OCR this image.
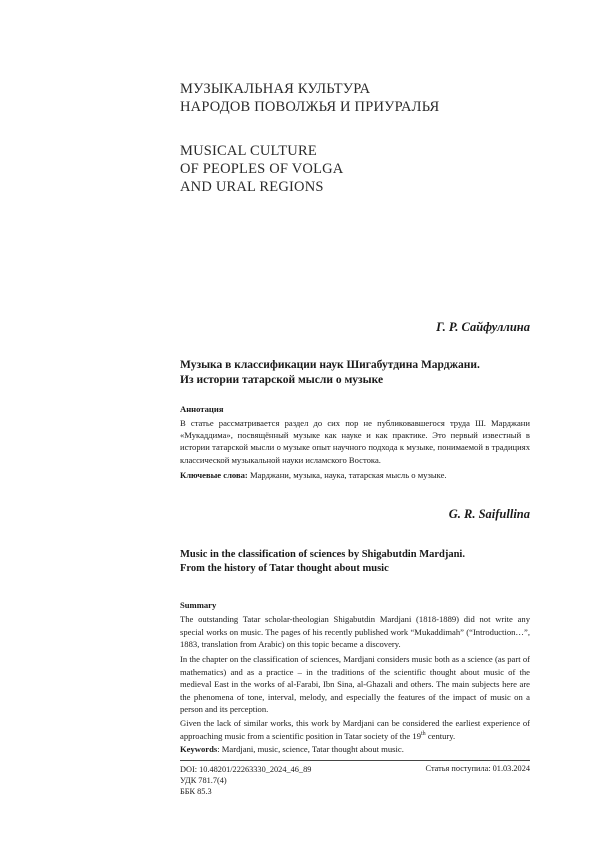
МУЗЫКАЛЬНАЯ КУЛЬТУРА
НАРОДОВ ПОВОЛЖЬЯ И ПРИУРАЛЬЯ
MUSICAL CULTURE
OF PEOPLES OF VOLGA
AND URAL REGIONS
Г. Р. Сайфуллина
Музыка в классификации наук Шигабутдина Марджани.
Из истории татарской мысли о музыке
Аннотация
В статье рассматривается раздел до сих пор не публиковавшегося труда Ш. Марджани «Мукаддима», посвящённый музыке как науке и как практике. Это первый известный в истории татарской мысли о музыке опыт научного подхода к музыке, понимаемой в традициях классической музыкальной науки исламского Востока.
Ключевые слова: Марджани, музыка, наука, татарская мысль о музыке.
G. R. Saifullina
Music in the classification of sciences by Shigabutdin Mardjani.
From the history of Tatar thought about music
Summary
The outstanding Tatar scholar-theologian Shigabutdin Mardjani (1818-1889) did not write any special works on music. The pages of his recently published work “Mukaddimah” (“Introduction…”, 1883, translation from Arabic) on this topic became a discovery.
In the chapter on the classification of sciences, Mardjani considers music both as a science (as part of mathematics) and as a practice – in the traditions of the scientific thought about music of the medieval East in the works of al-Farabi, Ibn Sina, al-Ghazali and others. The main subjects here are the phenomena of tone, interval, melody, and especially the features of the impact of music on a person and its perception.
Given the lack of similar works, this work by Mardjani can be considered the earliest experience of approaching music from a scientific position in Tatar society of the 19th century.
Keywords: Mardjani, music, science, Tatar thought about music.
DOI: 10.48201/22263330_2024_46_89
УДК 781.7(4)
ББК 85.3
Статья поступила: 01.03.2024
